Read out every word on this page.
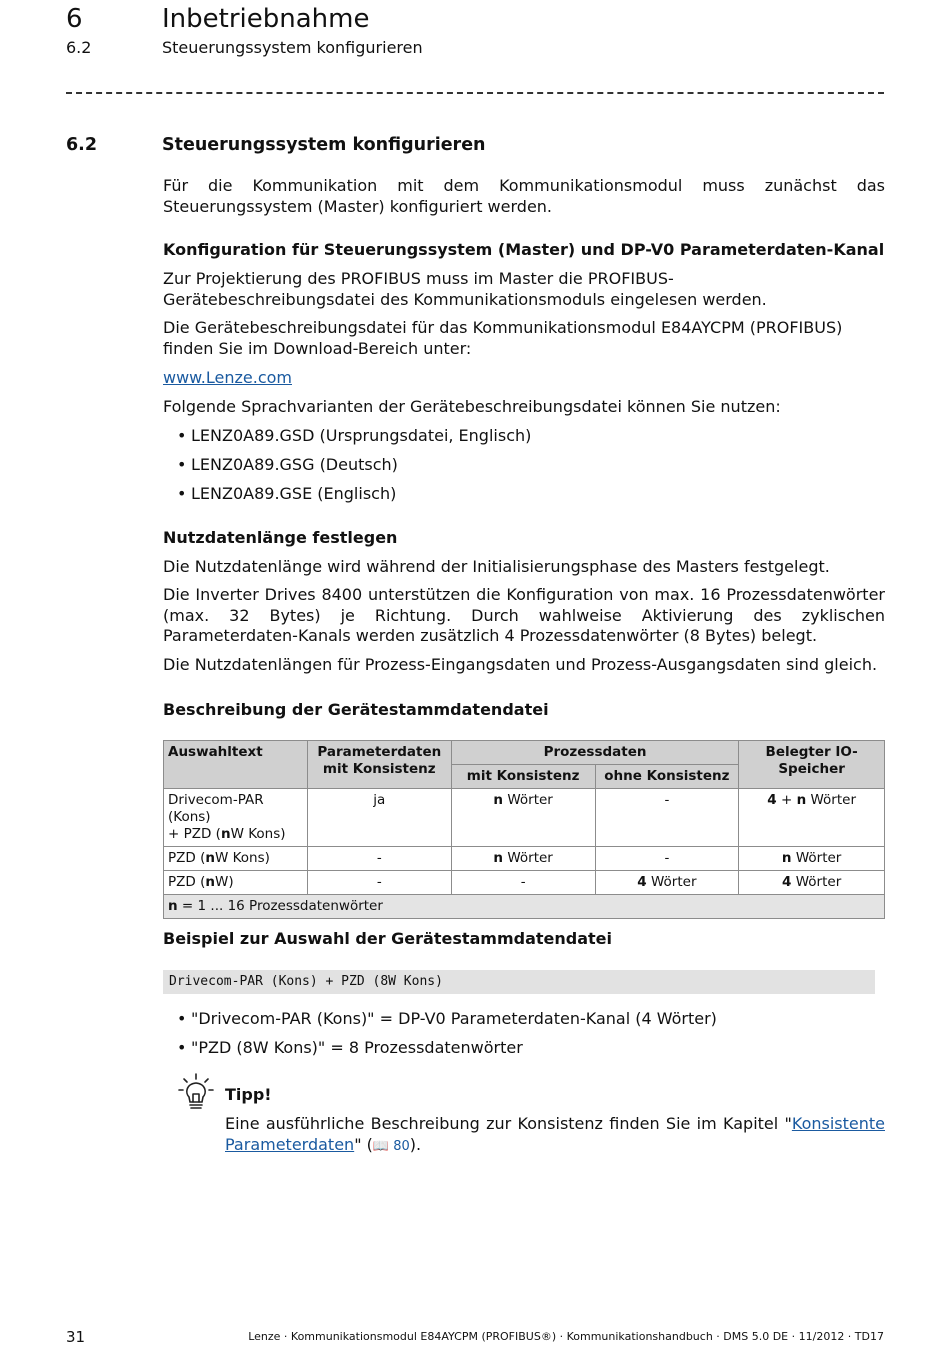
6	Inbetriebnahme
6.2	Steuerungssystem konfigurieren
6.2	Steuerungssystem konfigurieren
Für die Kommunikation mit dem Kommunikationsmodul muss zunächst das Steuerungssystem (Master) konfiguriert werden.
Konfiguration für Steuerungssystem (Master) und DP-V0 Parameterdaten-Kanal
Zur Projektierung des PROFIBUS muss im Master die PROFIBUS-Gerätebeschreibungsdatei des Kommunikationsmoduls eingelesen werden.
Die Gerätebeschreibungsdatei für das Kommunikationsmodul E84AYCPM (PROFIBUS) finden Sie im Download-Bereich unter:
www.Lenze.com
Folgende Sprachvarianten der Gerätebeschreibungsdatei können Sie nutzen:
• LENZ0A89.GSD (Ursprungsdatei, Englisch)
• LENZ0A89.GSG (Deutsch)
• LENZ0A89.GSE (Englisch)
Nutzdatenlänge festlegen
Die Nutzdatenlänge wird während der Initialisierungsphase des Masters festgelegt.
Die Inverter Drives 8400 unterstützen die Konfiguration von max. 16 Prozessdatenwörter (max. 32 Bytes) je Richtung. Durch wahlweise Aktivierung des zyklischen Parameterdaten-Kanals werden zusätzlich 4 Prozessdatenwörter (8 Bytes) belegt.
Die Nutzdatenlängen für Prozess-Eingangsdaten und Prozess-Ausgangsdaten sind gleich.
Beschreibung der Gerätestammdatendatei
Auswahltext	Parameterdaten mit Konsistenz	Prozessdaten		Belegter IO-Speicher
		mit Konsistenz	ohne Konsistenz	
Drivecom-PAR (Kons)
+ PZD (nW Kons)	ja	n Wörter	-	4 + n Wörter
PZD (nW Kons)	-	n Wörter	-	n Wörter
PZD (nW)	-	-	4 Wörter	4 Wörter
n = 1 ... 16 Prozessdatenwörter				
Beispiel zur Auswahl der Gerätestammdatendatei
Drivecom-PAR (Kons) + PZD (8W Kons)
• "Drivecom-PAR (Kons)" = DP-V0 Parameterdaten-Kanal (4 Wörter)
• "PZD (8W Kons)" = 8 Prozessdatenwörter
Tipp!
Eine ausführliche Beschreibung zur Konsistenz finden Sie im Kapitel "Konsistente Parameterdaten" (📖 80).
31	Lenze · Kommunikationsmodul E84AYCPM (PROFIBUS®) · Kommunikationshandbuch · DMS 5.0 DE · 11/2012 · TD17
